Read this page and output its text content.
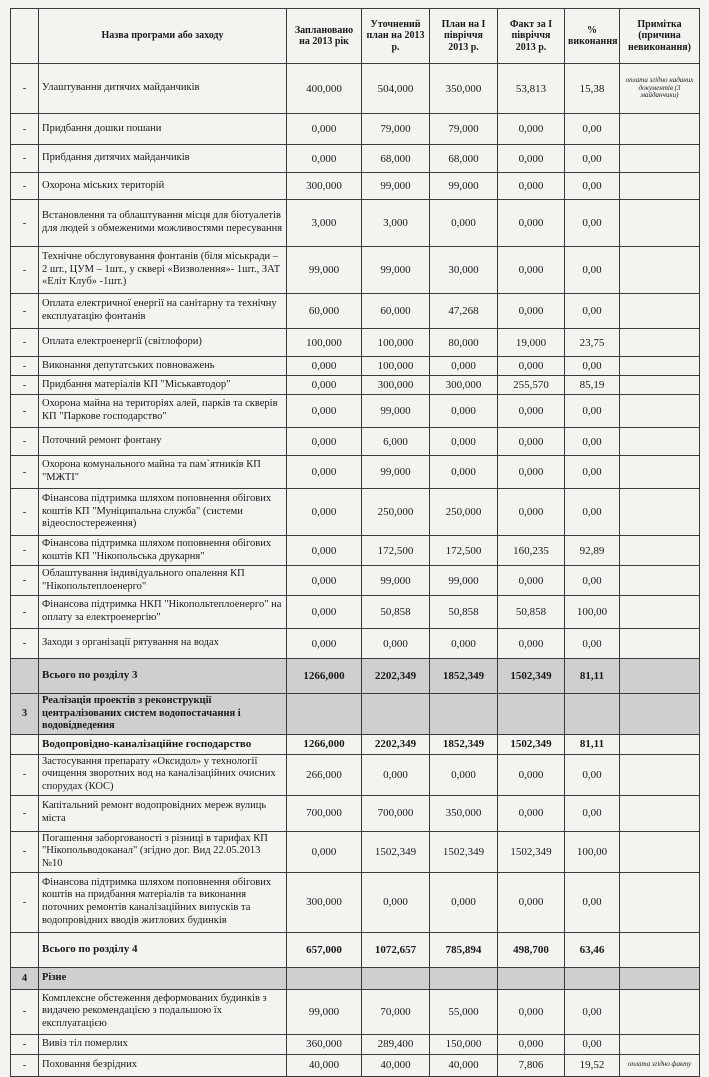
	Назва програми або заходу	Заплановано на 2013 рік	Уточнений план на 2013 р.	План на I півріччя 2013 р.	Факт за I півріччя 2013 р.	% виконання	Примітка (причина невиконання)
-	Улаштування дитячих майданчиків	400,000	504,000	350,000	53,813	15,38	оплата згідно наданих документів (3 майданчики)
-	Придбання дошки пошани	0,000	79,000	79,000	0,000	0,00	
-	Прибдання дитячих майданчиків	0,000	68,000	68,000	0,000	0,00	
-	Охорона міських територій	300,000	99,000	99,000	0,000	0,00	
-	Встановлення та облаштування місця для біотуалетів для людей з обмеженими можливостями пересування	3,000	3,000	0,000	0,000	0,00	
-	Технічне обслуговування фонтанів (біля міськради – 2 шт., ЦУМ – 1шт., у сквері «Визволення»- 1шт., ЗАТ «Еліт Клуб» -1шт.)	99,000	99,000	30,000	0,000	0,00	
-	Оплата електричної енергії на санітарну та технічну експлуатацію фонтанів	60,000	60,000	47,268	0,000	0,00	
-	Оплата електроенергії (світлофори)	100,000	100,000	80,000	19,000	23,75	
-	Виконання депутатських повноважень	0,000	100,000	0,000	0,000	0,00	
-	Придбання матеріалів КП "Міськавтодор"	0,000	300,000	300,000	255,570	85,19	
-	Охорона майна на територіях алей, парків та скверів КП "Паркове господарство"	0,000	99,000	0,000	0,000	0,00	
-	Поточний ремонт фонтану	0,000	6,000	0,000	0,000	0,00	
-	Охорона комунального майна та пам`ятників КП "МЖТІ"	0,000	99,000	0,000	0,000	0,00	
-	Фінансова підтримка шляхом поповнення обігових коштів КП "Муніципальна служба" (системи відеоспостереження)	0,000	250,000	250,000	0,000	0,00	
-	Фінансова підтримка шляхом поповнення обігових коштів КП "Нікопольська друкарня"	0,000	172,500	172,500	160,235	92,89	
-	Облаштування індивідуального опалення КП "Нікопольтеплоенерго"	0,000	99,000	99,000	0,000	0,00	
-	Фінансова підтримка НКП "Нікопольтеплоенерго" на оплату за електроенергію"	0,000	50,858	50,858	50,858	100,00	
-	Заходи з організації рятування на водах	0,000	0,000	0,000	0,000	0,00	
	Всього по розділу 3	1266,000	2202,349	1852,349	1502,349	81,11	
3	Реалізація проектів з реконструкції централізованих систем водопостачання і водовідведення						
	Водопровідно-каналізаційне господарство	1266,000	2202,349	1852,349	1502,349	81,11	
-	Застосування препарату «Оксидол» у технології очищення зворотних вод на каналізаційних очисних спорудах (КОС)	266,000	0,000	0,000	0,000	0,00	
-	Капітальний ремонт водопровідних мереж вулиць міста	700,000	700,000	350,000	0,000	0,00	
-	Погашення заборгованості з різниці в тарифах КП "Нікопольводоканал" (згідно дог. Вид 22.05.2013 №10	0,000	1502,349	1502,349	1502,349	100,00	
-	Фінансова підтримка шляхом поповнення обігових коштів на придбання матеріалів та виконання поточних ремонтів каналізаційних випусків та водопровідних вводів житлових будинків	300,000	0,000	0,000	0,000	0,00	
	Всього по розділу 4	657,000	1072,657	785,894	498,700	63,46	
4	Різне						
-	Комплексне обстеження деформованих будинків з видачею рекомендацією з подальшою їх експлуатацією	99,000	70,000	55,000	0,000	0,00	
-	Вивіз тіл померлих	360,000	289,400	150,000	0,000	0,00	
-	Поховання безрідних	40,000	40,000	40,000	7,806	19,52	оплата згідно факту
